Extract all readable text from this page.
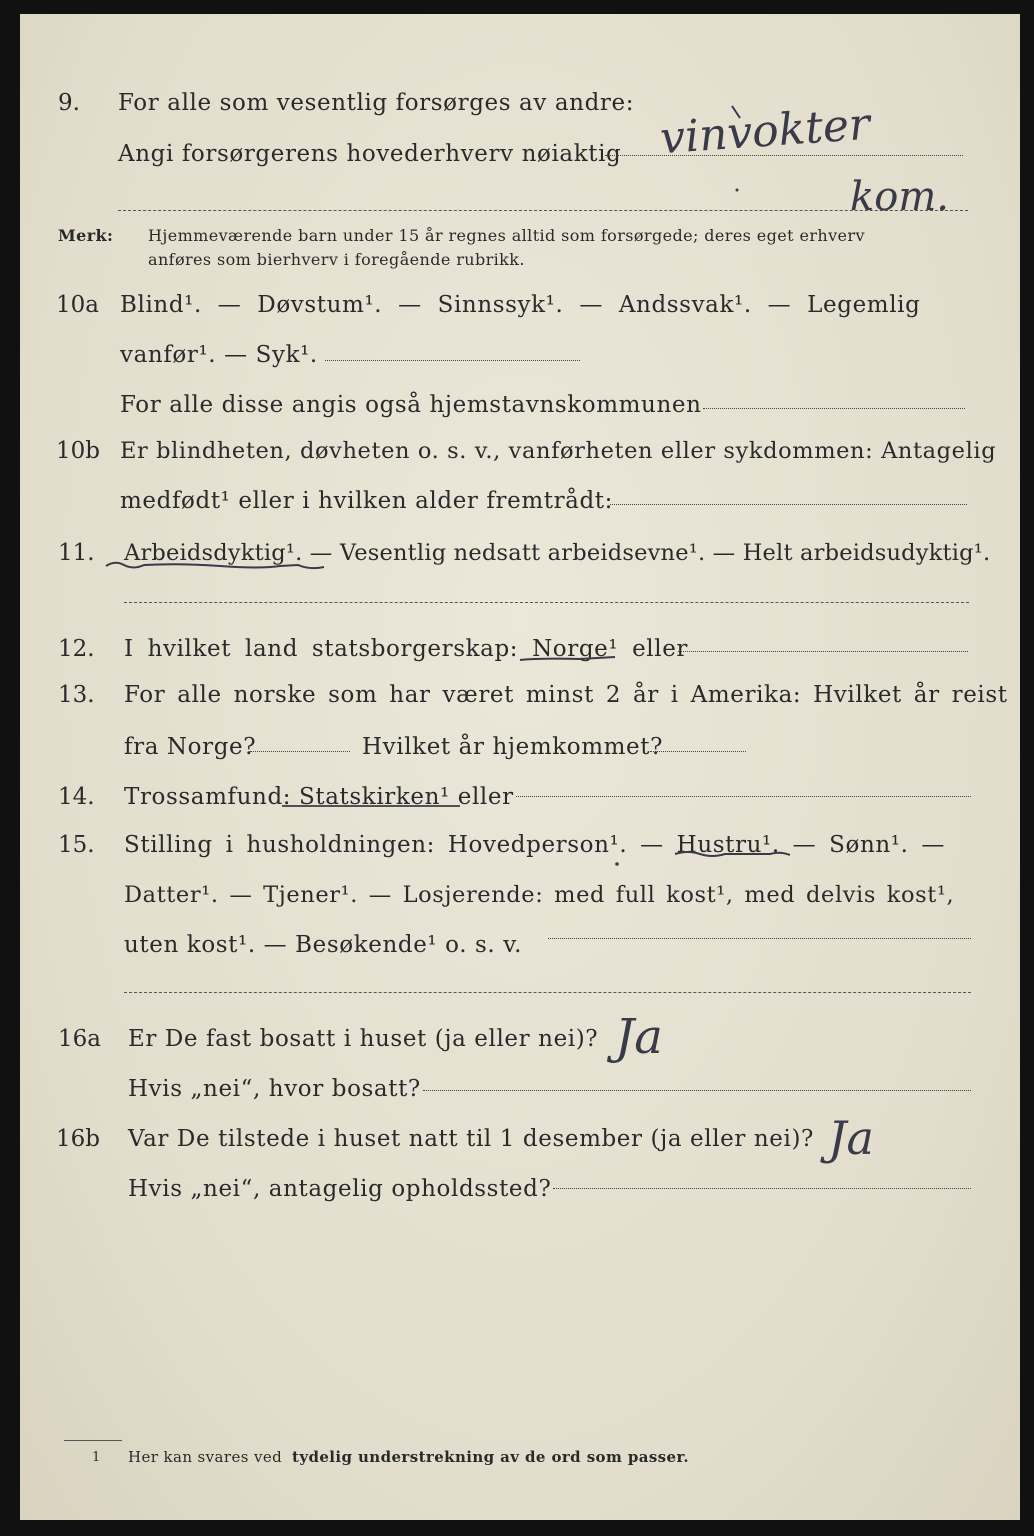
9. For alle som vesentlig forsørges av andre:
Angi forsørgerens hovederhverv nøiaktig vinvokter
kom.
Merk: Hjemmeværende barn under 15 år regnes alltid som forsørgede; deres eget erhverv
anføres som bierhverv i foregående rubrikk.
10a Blind¹. — Døvstum¹. — Sinnssyk¹. — Andssvak¹. — Legemlig
vanfør¹. — Syk¹.
For alle disse angis også hjemstavnskommunen
10b Er blindheten, døvheten o. s. v., vanførheten eller sykdommen: Antagelig
medfødt¹ eller i hvilken alder fremtrådt:
11. Arbeidsdyktig¹. — Vesentlig nedsatt arbeidsevne¹. — Helt arbeidsudyktig¹.
12. I hvilket land statsborgerskap: Norge¹ eller
13. For alle norske som har været minst 2 år i Amerika: Hvilket år reist
fra Norge?	Hvilket år hjemkommet?
14. Trossamfund: Statskirken¹ eller
15. Stilling i husholdningen: Hovedperson¹. — Hustru¹. — Sønn¹. —
Datter¹. — Tjener¹. — Losjerende: med full kost¹, med delvis kost¹,
uten kost¹. — Besøkende¹ o. s. v.
16a Er De fast bosatt i huset (ja eller nei)? Ja
Hvis „nei“, hvor bosatt?
16b Var De tilstede i huset natt til 1 desember (ja eller nei)? Ja
Hvis „nei“, antagelig opholdssted?
1 Her kan svares ved tydelig understrekning av de ord som passer.
